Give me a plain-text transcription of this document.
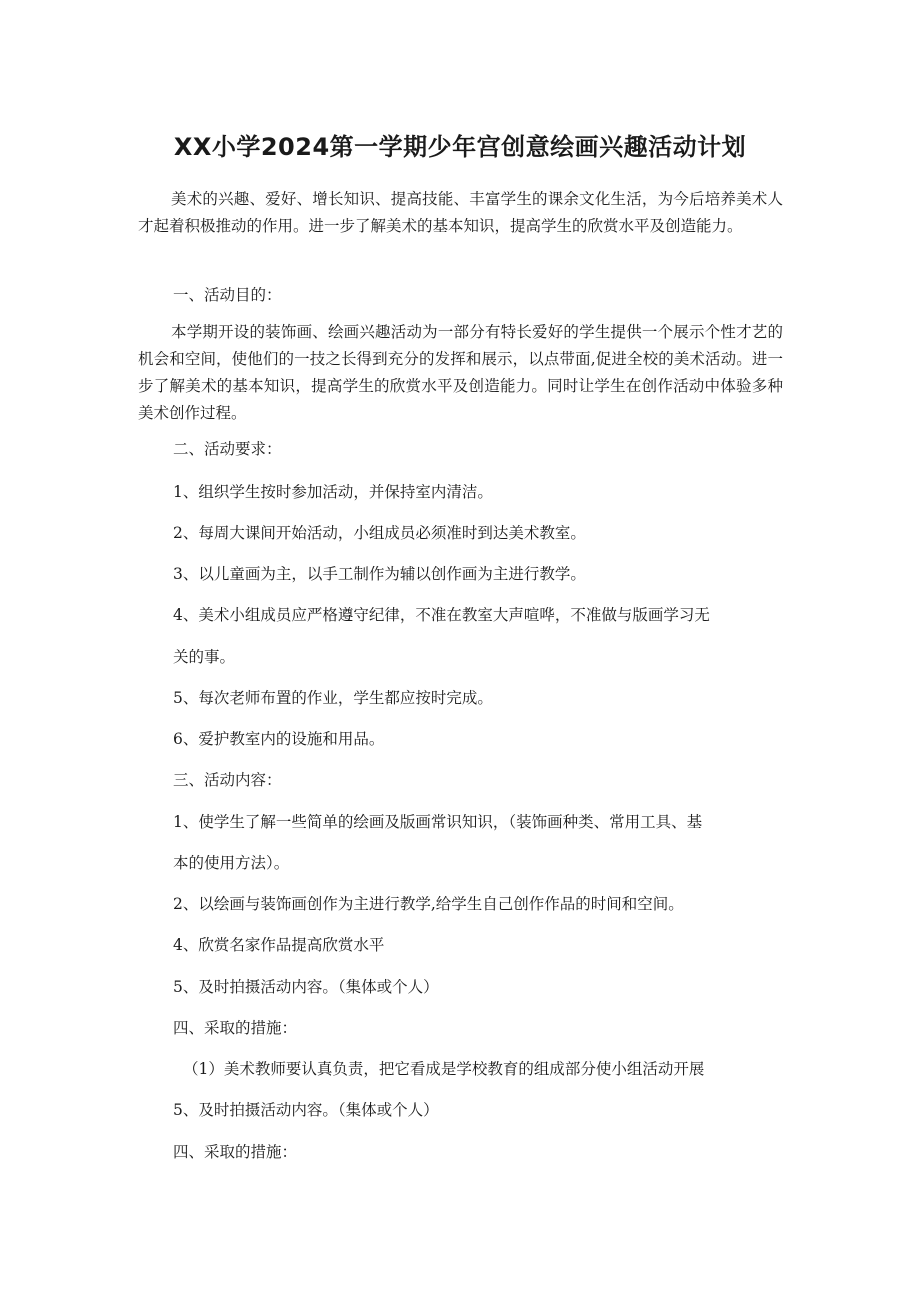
XX小学2024第一学期少年宫创意绘画兴趣活动计划

美术的兴趣、爱好、增长知识、提高技能、丰富学生的课余文化生活，为今后培养美术人才起着积极推动的作用。进一步了解美术的基本知识，提高学生的欣赏水平及创造能力。

一、活动目的：

本学期开设的装饰画、绘画兴趣活动为一部分有特长爱好的学生提供一个展示个性才艺的机会和空间，使他们的一技之长得到充分的发挥和展示，以点带面,促进全校的美术活动。进一步了解美术的基本知识，提高学生的欣赏水平及创造能力。同时让学生在创作活动中体验多种美术创作过程。

二、活动要求：

1、组织学生按时参加活动，并保持室内清洁。

2、每周大课间开始活动，小组成员必须准时到达美术教室。

3、以儿童画为主，以手工制作为辅以创作画为主进行教学。

4、美术小组成员应严格遵守纪律，不准在教室大声喧哗，不准做与版画学习无

关的事。

5、每次老师布置的作业，学生都应按时完成。

6、爱护教室内的设施和用品。

三、活动内容：

1、使学生了解一些简单的绘画及版画常识知识，（装饰画种类、常用工具、基

本的使用方法）。

2、以绘画与装饰画创作为主进行教学,给学生自己创作作品的时间和空间。

4、欣赏名家作品提高欣赏水平

5、及时拍摄活动内容。（集体或个人）

四、采取的措施：

（1）美术教师要认真负责，把它看成是学校教育的组成部分使小组活动开展

5、及时拍摄活动内容。（集体或个人）

四、采取的措施：
